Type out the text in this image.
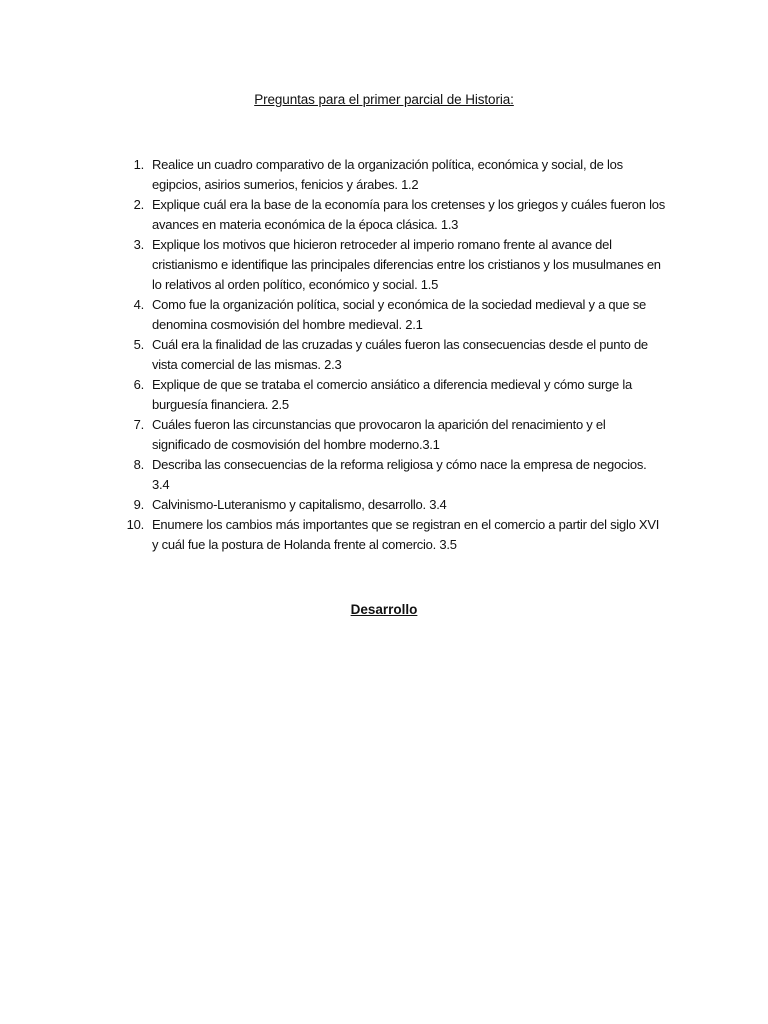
Preguntas para el primer parcial de Historia:
1. Realice un cuadro comparativo de la organización política, económica y social, de los egipcios, asirios sumerios, fenicios y árabes. 1.2
2. Explique cuál era la base de la economía para los cretenses y los griegos y cuáles fueron los avances en materia económica de la época clásica. 1.3
3. Explique los motivos que hicieron retroceder al imperio romano frente al avance del cristianismo e identifique las principales diferencias entre los cristianos y los musulmanes en lo relativos al orden político, económico y social. 1.5
4. Como fue la organización política, social y económica de la sociedad medieval y a que se denomina cosmovisión del hombre medieval. 2.1
5. Cuál era la finalidad de las cruzadas y cuáles fueron las consecuencias desde el punto de vista comercial de las mismas. 2.3
6. Explique de que se trataba el comercio ansiático a diferencia medieval y cómo surge la burguesía financiera. 2.5
7. Cuáles fueron las circunstancias que provocaron la aparición del renacimiento y el significado de cosmovisión del hombre moderno.3.1
8. Describa las consecuencias de la reforma religiosa y cómo nace la empresa de negocios. 3.4
9. Calvinismo-Luteranismo y capitalismo, desarrollo. 3.4
10. Enumere los cambios más importantes que se registran en el comercio a partir del siglo XVI y cuál fue la postura de Holanda frente al comercio. 3.5
Desarrollo
